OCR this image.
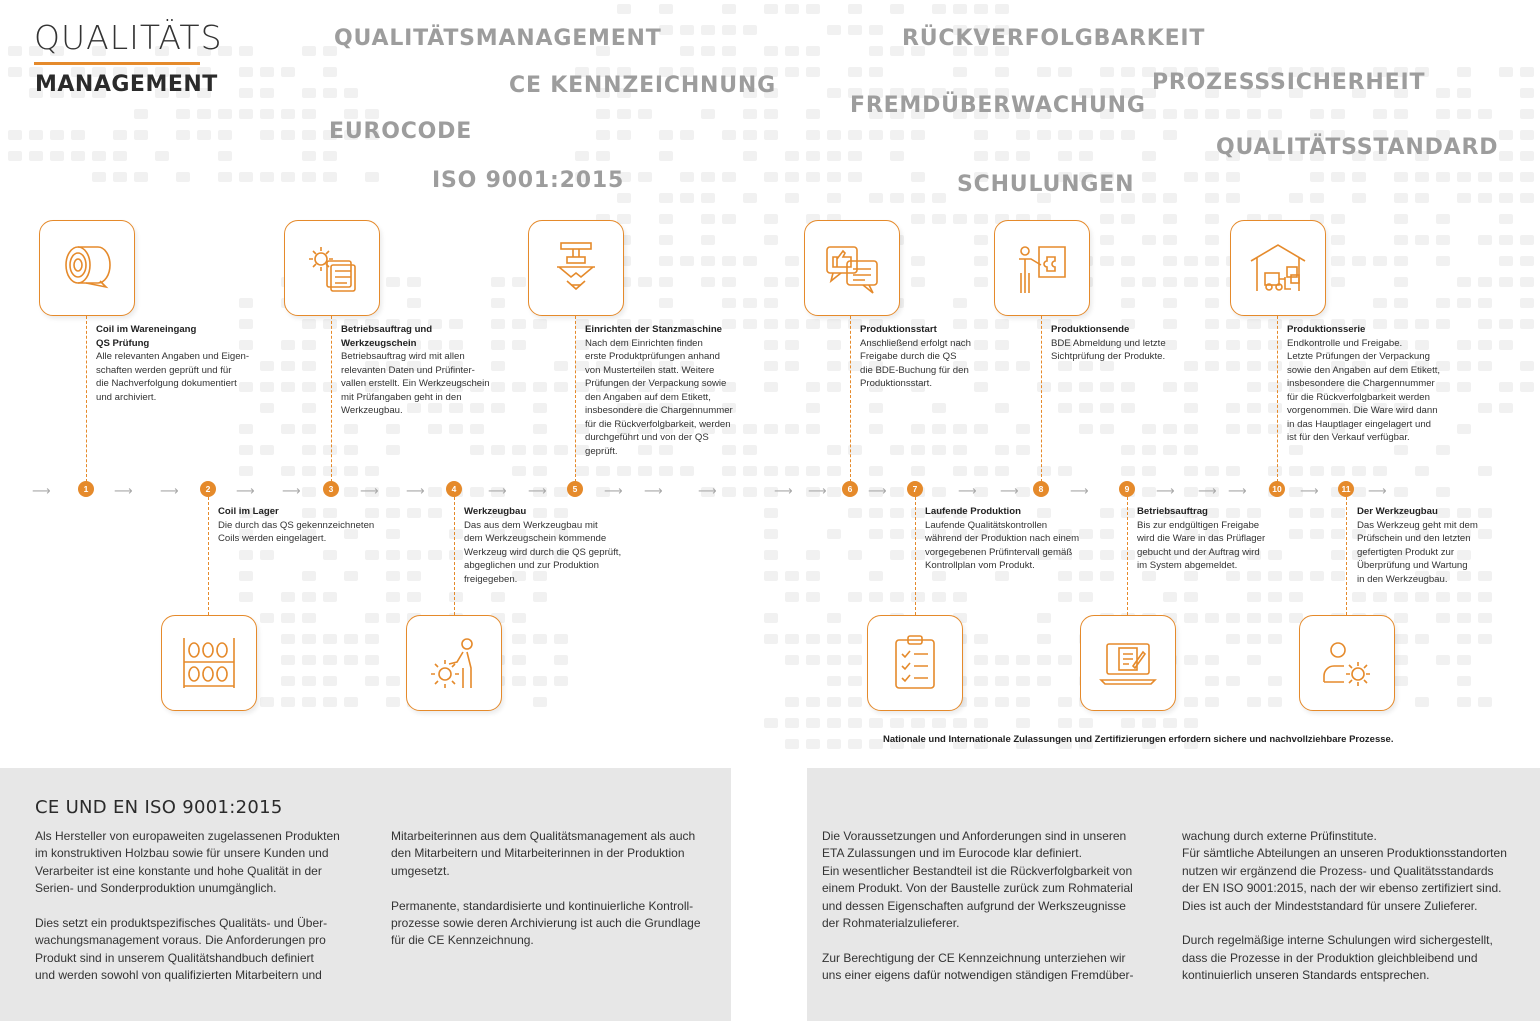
QUALITÄTS
MANAGEMENT
QUALITÄTSMANAGEMENT
CE KENNZEICHNUNG
EUROCODE
ISO 9001:2015
RÜCKVERFOLGBARKEIT
FREMDÜBERWACHUNG
PROZESSSICHERHEIT
SCHULUNGEN
QUALITÄTSSTANDARD
Coil im Wareneingang
QS Prüfung
Alle relevanten Angaben und Eigen-
schaften werden geprüft und für
die Nachverfolgung dokumentiert
und archiviert.
Coil im Lager
Die durch das QS gekennzeichneten
Coils werden eingelagert.
Betriebsauftrag und
Werkzeugschein
Betriebsauftrag wird mit allen
relevanten Daten und Prüfinter-
vallen erstellt. Ein Werkzeugschein
mit Prüfangaben geht in den
Werkzeugbau.
Werkzeugbau
Das aus dem Werkzeugbau mit
dem Werkzeugschein kommende
Werkzeug wird durch die QS geprüft,
abgeglichen und zur Produktion
freigegeben.
Einrichten der Stanzmaschine
Nach dem Einrichten finden
erste Produktprüfungen anhand
von Musterteilen statt. Weitere
Prüfungen der Verpackung sowie
den Angaben auf dem Etikett,
insbesondere die Chargennummer
für die Rückverfolgbarkeit, werden
durchgeführt und von der QS
geprüft.
Produktionsstart
Anschließend erfolgt nach
Freigabe durch die QS
die BDE-Buchung für den
Produktionsstart.
Laufende Produktion
Laufende Qualitätskontrollen
während der Produktion nach einem
vorgegebenen Prüfintervall gemäß
Kontrollplan vom Produkt.
Produktionsende
BDE Abmeldung und letzte
Sichtprüfung der Produkte.
Betriebsauftrag
Bis zur endgültigen Freigabe
wird die Ware in das Prüflager
gebucht und der Auftrag wird
im System abgemeldet.
Produktionsserie
Endkontrolle und Freigabe.
Letzte Prüfungen der Verpackung
sowie den Angaben auf dem Etikett,
insbesondere die Chargennummer
für die Rückverfolgbarkeit werden
vorgenommen. Die Ware wird dann
in das Hauptlager eingelagert und
ist für den Verkauf verfügbar.
Der Werkzeugbau
Das Werkzeug geht mit dem
Prüfschein und den letzten
gefertigten Produkt zur
Überprüfung und Wartung
in den Werkzeugbau.
⟶	⟶ ⟶	⟶ ⟶	⟶ ⟶	⟶ ⟶	⟶ ⟶	⟶	⟶ ⟶	⟶	⟶ ⟶	⟶	⟶ ⟶ ⟶	⟶	⟶
1	2	3	4	5	6	7	8	9	10	11
Nationale und Internationale Zulassungen und Zertifizierungen erfordern sichere und nachvollziehbare Prozesse.
CE UND EN ISO 9001:2015
Als Hersteller von europaweiten zugelassenen Produkten
im konstruktiven Holzbau sowie für unsere Kunden und
Verarbeiter ist eine konstante und hohe Qualität in der
Serien- und Sonderproduktion unumgänglich.

Dies setzt ein produktspezifisches Qualitäts- und Über-
wachungsmanagement voraus. Die Anforderungen pro
Produkt sind in unserem Qualitätshandbuch definiert
und werden sowohl von qualifizierten Mitarbeitern und
Mitarbeiterinnen aus dem Qualitätsmanagement als auch
den Mitarbeitern und Mitarbeiterinnen in der Produktion
umgesetzt.

Permanente, standardisierte und kontinuierliche Kontroll-
prozesse sowie deren Archivierung ist auch die Grundlage
für die CE Kennzeichnung.
Die Voraussetzungen und Anforderungen sind in unseren
ETA Zulassungen und im Eurocode klar definiert.
Ein wesentlicher Bestandteil ist die Rückverfolgbarkeit von
einem Produkt. Von der Baustelle zurück zum Rohmaterial
und dessen Eigenschaften aufgrund der Werkszeugnisse
der Rohmaterialzulieferer.

Zur Berechtigung der CE Kennzeichnung unterziehen wir
uns einer eigens dafür notwendigen ständigen Fremdüber-
wachung durch externe Prüfinstitute.
Für sämtliche Abteilungen an unseren Produktionsstandorten
nutzen wir ergänzend die Prozess- und Qualitätsstandards
der EN ISO 9001:2015, nach der wir ebenso zertifiziert sind.
Dies ist auch der Mindeststandard für unsere Zulieferer.

Durch regelmäßige interne Schulungen wird sichergestellt,
dass die Prozesse in der Produktion gleichbleibend und
kontinuierlich unseren Standards entsprechen.
